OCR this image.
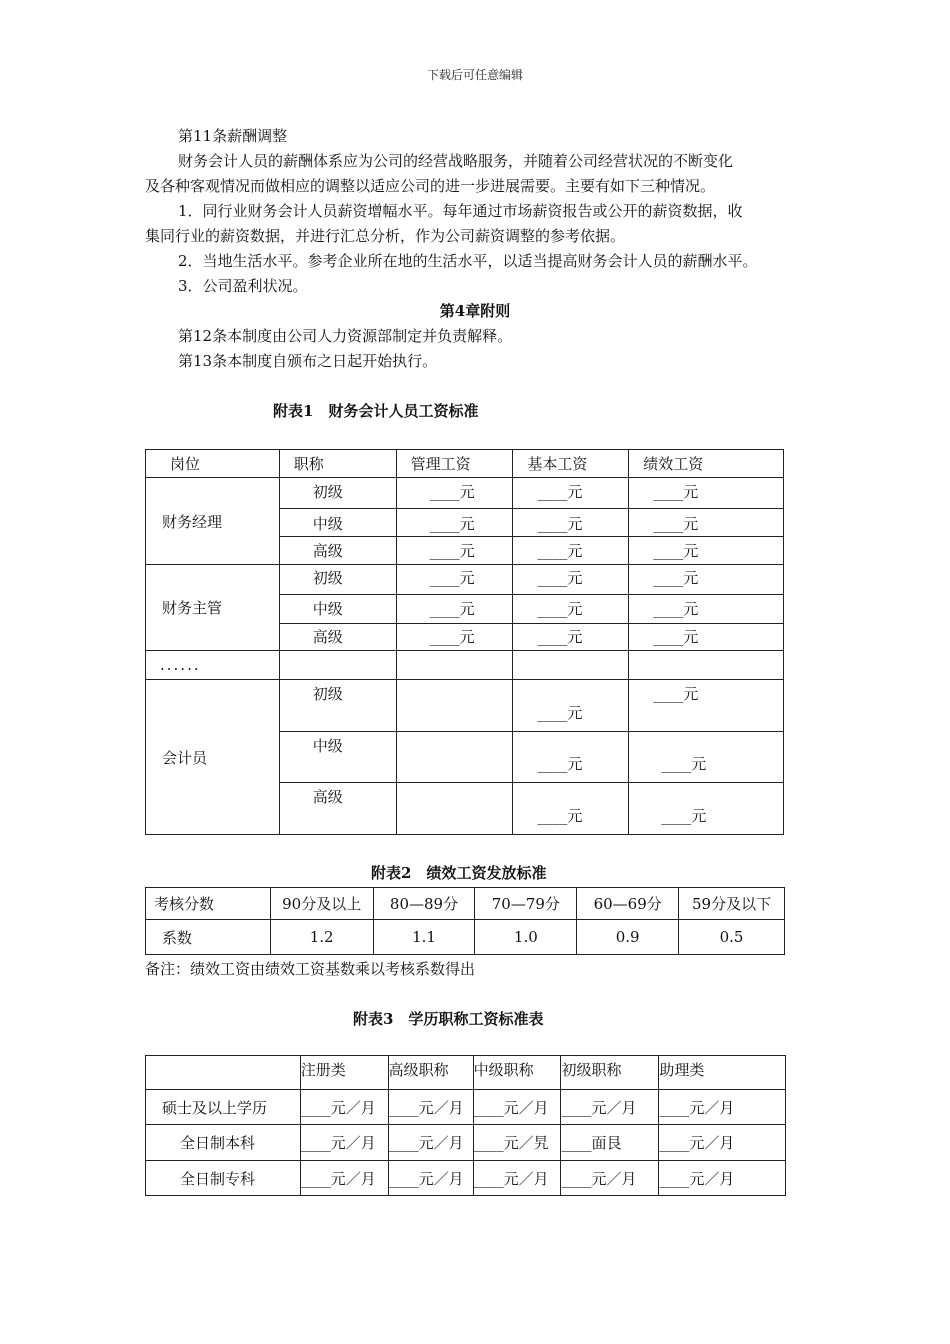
下载后可任意编辑
第11条薪酬调整
财务会计人员的薪酬体系应为公司的经营战略服务，并随着公司经营状况的不断变化
及各种客观情况而做相应的调整以适应公司的进一步进展需要。主要有如下三种情况。
1．同行业财务会计人员薪资增幅水平。每年通过市场薪资报告或公开的薪资数据，收
集同行业的薪资数据，并进行汇总分析，作为公司薪资调整的参考依据。
2．当地生活水平。参考企业所在地的生活水平，以适当提高财务会计人员的薪酬水平。
3．公司盈利状况。
第4章附则
第12条本制度由公司人力资源部制定并负责解释。
第13条本制度自颁布之日起开始执行。
附表1　财务会计人员工资标准
岗位	职称	管理工资	基本工资	绩效工资
财务经理	初级	____元	____元	____元
	中级	____元	____元	____元
	高级	____元	____元	____元
财务主管	初级	____元	____元	____元
	中级	____元	____元	____元
	高级	____元	____元	____元
......				
会计员	初级		____元	____元
	中级		____元	____元
	高级		____元	____元
附表2　绩效工资发放标准
考核分数	90分及以上	80—89分	70—79分	60—69分	59分及以下
系数	1.2	1.1	1.0	0.9	0.5
备注：绩效工资由绩效工资基数乘以考核系数得出
附表3　学历职称工资标准表
	注册类	高级职称	中级职称	初级职称	助理类
硕士及以上学历	____元／月	____元／月	____元／月	____元／月	____元／月
全日制本科	____元／月	____元／月	____元／旯	____面艮	____元／月
全日制专科	____元／月	____元／月	____元／月	____元／月	____元／月
